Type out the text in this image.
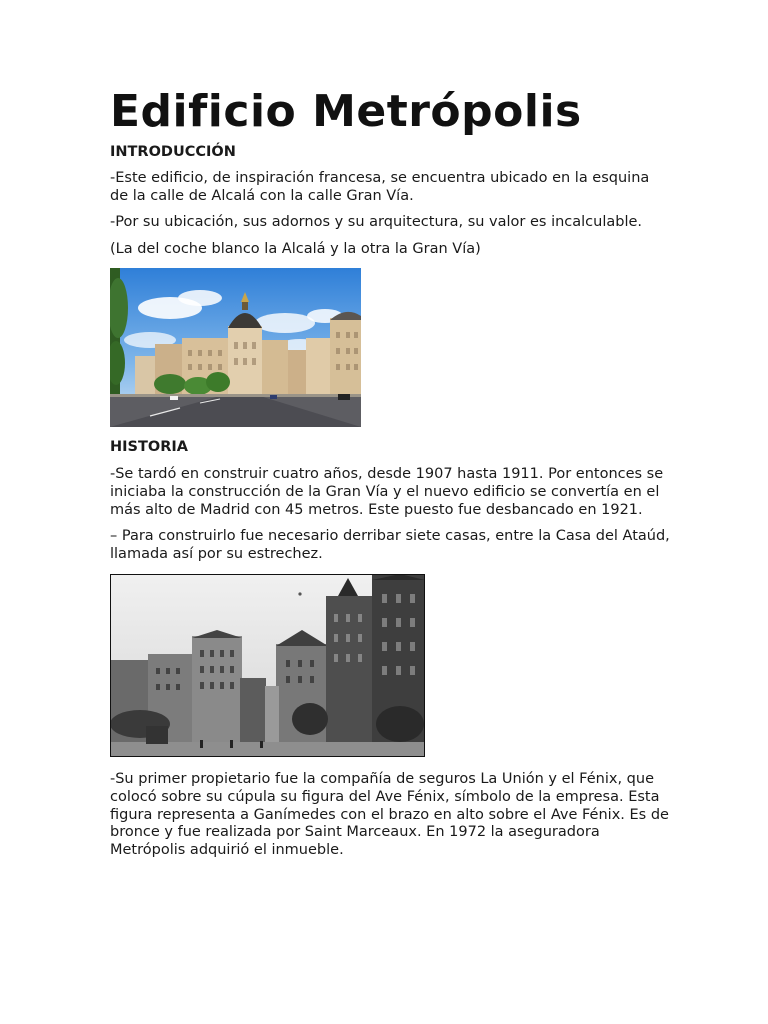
Edificio Metrópolis
INTRODUCCIÓN

-Este edificio, de inspiración francesa, se encuentra ubicado en la esquina de la calle de Alcalá con la calle Gran Vía.

-Por su ubicación, sus adornos y su arquitectura, su valor es incalculable.

(La del coche blanco la Alcalá y la otra la Gran Vía)

HISTORIA

-Se tardó en construir cuatro años, desde 1907 hasta 1911. Por entonces se iniciaba la construcción de la Gran Vía y el nuevo edificio se convertía en el más alto de Madrid con 45 metros. Este puesto fue desbancado en 1921.

– Para construirlo fue necesario derribar siete casas, entre la Casa del Ataúd, llamada así por su estrechez.

-Su primer propietario fue la compañía de seguros La Unión y el Fénix, que colocó sobre su cúpula su figura del Ave Fénix, símbolo de la empresa. Esta figura representa a Ganímedes con el brazo en alto sobre el Ave Fénix. Es de bronce y fue realizada por Saint Marceaux. En 1972 la aseguradora Metrópolis adquirió el inmueble.
